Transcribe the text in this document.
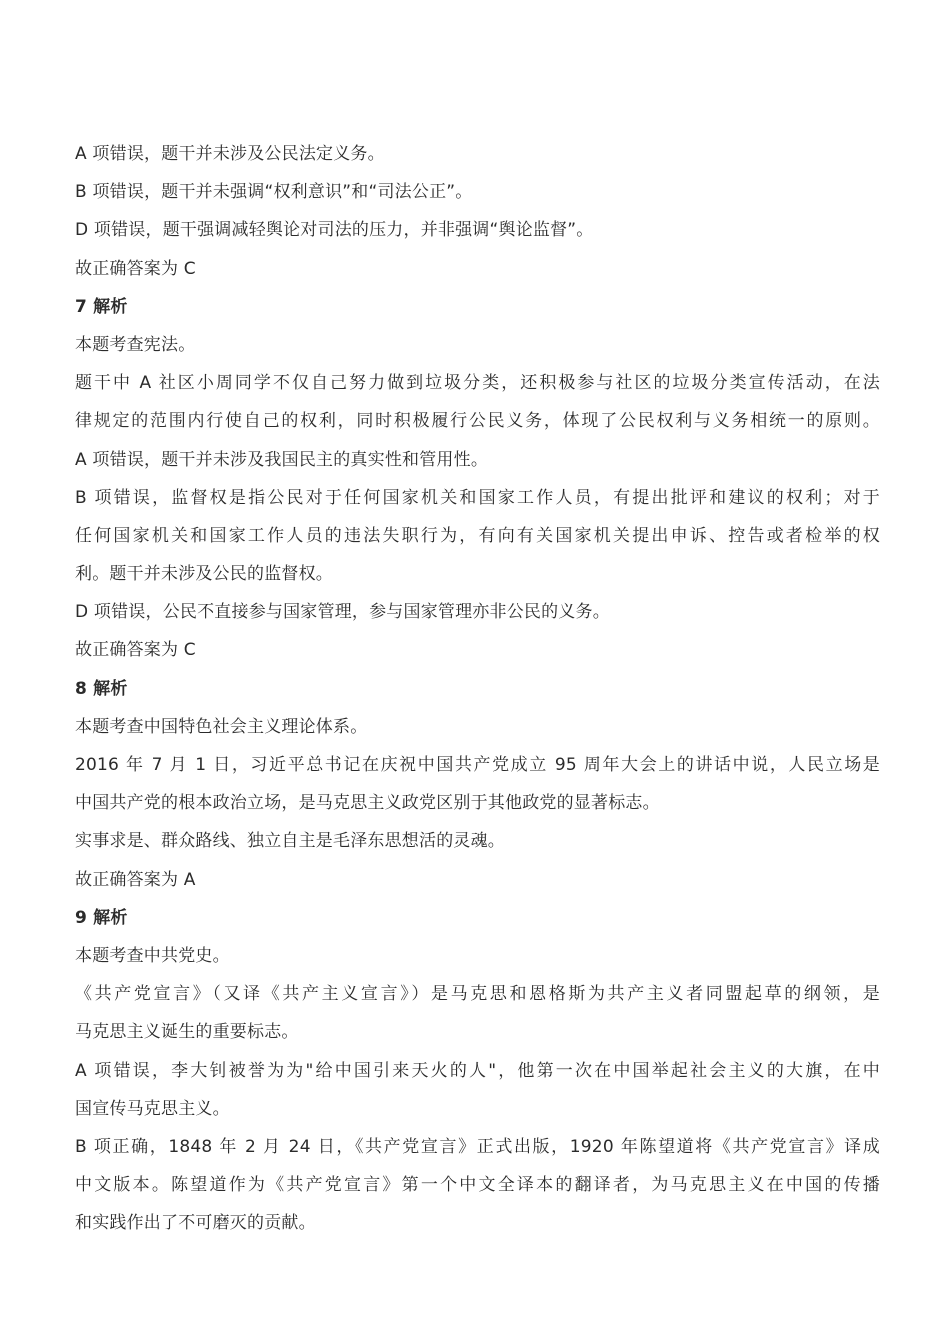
A 项错误，题干并未涉及公民法定义务。
B 项错误，题干并未强调“权利意识”和“司法公正”。
D 项错误，题干强调减轻舆论对司法的压力，并非强调“舆论监督”。
故正确答案为 C
7 解析
本题考查宪法。
题干中 A 社区小周同学不仅自己努力做到垃圾分类，还积极参与社区的垃圾分类宣传活动，在法
律规定的范围内行使自己的权利，同时积极履行公民义务，体现了公民权利与义务相统一的原则。
A 项错误，题干并未涉及我国民主的真实性和管用性。
B 项错误，监督权是指公民对于任何国家机关和国家工作人员，有提出批评和建议的权利；对于
任何国家机关和国家工作人员的违法失职行为，有向有关国家机关提出申诉、控告或者检举的权
利。题干并未涉及公民的监督权。
D 项错误，公民不直接参与国家管理，参与国家管理亦非公民的义务。
故正确答案为 C
8 解析
本题考查中国特色社会主义理论体系。
2016 年 7 月 1 日，习近平总书记在庆祝中国共产党成立 95 周年大会上的讲话中说，人民立场是
中国共产党的根本政治立场，是马克思主义政党区别于其他政党的显著标志。
实事求是、群众路线、独立自主是毛泽东思想活的灵魂。
故正确答案为 A
9 解析
本题考查中共党史。
《共产党宣言》（又译《共产主义宣言》）是马克思和恩格斯为共产主义者同盟起草的纲领，是
马克思主义诞生的重要标志。
A 项错误，李大钊被誉为为"给中国引来天火的人"，他第一次在中国举起社会主义的大旗，在中
国宣传马克思主义。
B 项正确，1848 年 2 月 24 日，《共产党宣言》正式出版，1920 年陈望道将《共产党宣言》译成
中文版本。陈望道作为《共产党宣言》第一个中文全译本的翻译者，为马克思主义在中国的传播
和实践作出了不可磨灭的贡献。
